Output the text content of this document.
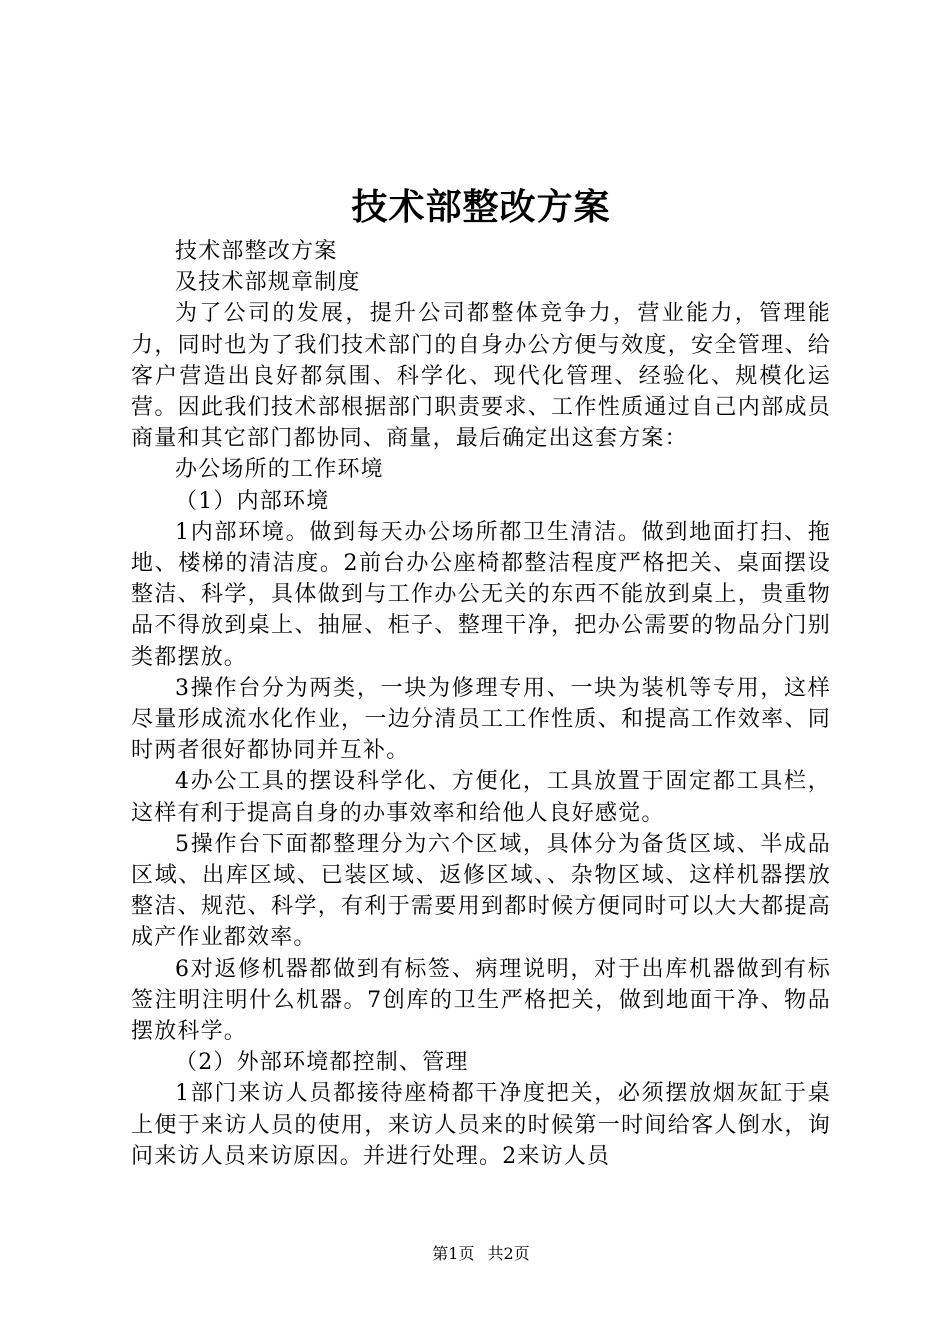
技术部整改方案

技术部整改方案

及技术部规章制度

为了公司的发展，提升公司都整体竞争力，营业能力，管理能力，同时也为了我们技术部门的自身办公方便与效度，安全管理、给客户营造出良好都氛围、科学化、现代化管理、经验化、规模化运营。因此我们技术部根据部门职责要求、工作性质通过自己内部成员商量和其它部门都协同、商量，最后确定出这套方案：

办公场所的工作环境

（1）内部环境

1内部环境。做到每天办公场所都卫生清洁。做到地面打扫、拖地、楼梯的清洁度。2前台办公座椅都整洁程度严格把关、桌面摆设整洁、科学，具体做到与工作办公无关的东西不能放到桌上，贵重物品不得放到桌上、抽屉、柜子、整理干净，把办公需要的物品分门别类都摆放。

3操作台分为两类，一块为修理专用、一块为装机等专用，这样尽量形成流水化作业，一边分清员工工作性质、和提高工作效率、同时两者很好都协同并互补。

4办公工具的摆设科学化、方便化，工具放置于固定都工具栏，这样有利于提高自身的办事效率和给他人良好感觉。

5操作台下面都整理分为六个区域，具体分为备货区域、半成品区域、出库区域、已装区域、返修区域、、杂物区域、这样机器摆放整洁、规范、科学，有利于需要用到都时候方便同时可以大大都提高成产作业都效率。

6对返修机器都做到有标签、病理说明，对于出库机器做到有标签注明注明什么机器。7创库的卫生严格把关，做到地面干净、物品摆放科学。

（2）外部环境都控制、管理

1部门来访人员都接待座椅都干净度把关，必须摆放烟灰缸于桌上便于来访人员的使用，来访人员来的时候第一时间给客人倒水，询问来访人员来访原因。并进行处理。2来访人员

第1页 共2页
